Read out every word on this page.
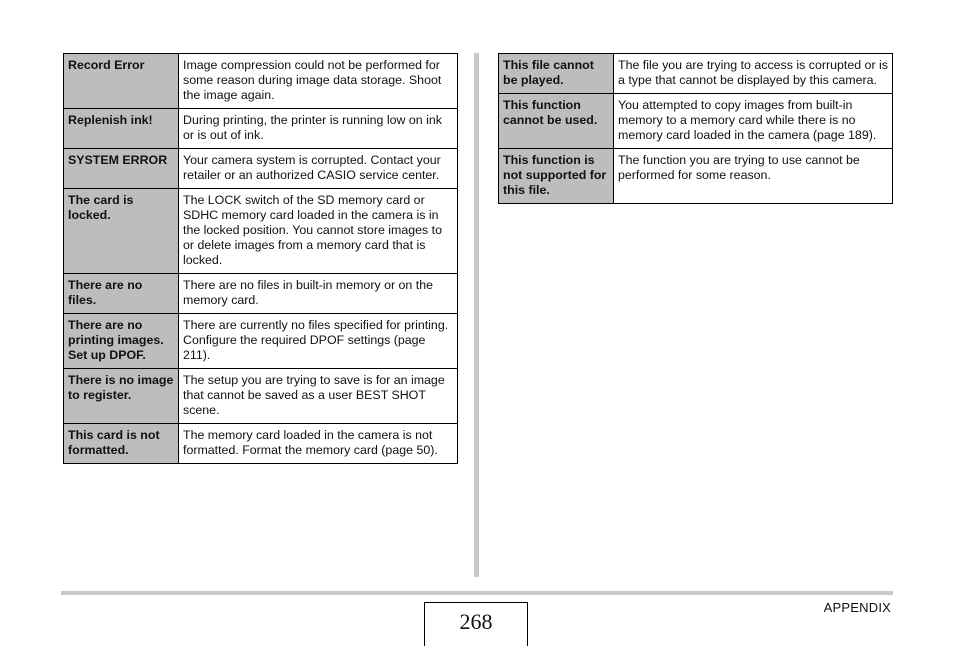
Record Error	Image compression could not be performed for some reason during image data storage. Shoot the image again.
Replenish ink!	During printing, the printer is running low on ink or is out of ink.
SYSTEM ERROR	Your camera system is corrupted. Contact your retailer or an authorized CASIO service center.
The card is locked.	The LOCK switch of the SD memory card or SDHC memory card loaded in the camera is in the locked position. You cannot store images to or delete images from a memory card that is locked.
There are no files.	There are no files in built-in memory or on the memory card.
There are no printing images. Set up DPOF.	There are currently no files specified for printing. Configure the required DPOF settings (page 211).
There is no image to register.	The setup you are trying to save is for an image that cannot be saved as a user BEST SHOT scene.
This card is not formatted.	The memory card loaded in the camera is not formatted. Format the memory card (page 50).
This file cannot be played.	The file you are trying to access is corrupted or is a type that cannot be displayed by this camera.
This function cannot be used.	You attempted to copy images from built-in memory to a memory card while there is no memory card loaded in the camera (page 189).
This function is not supported for this file.	The function you are trying to use cannot be performed for some reason.
268
APPENDIX
